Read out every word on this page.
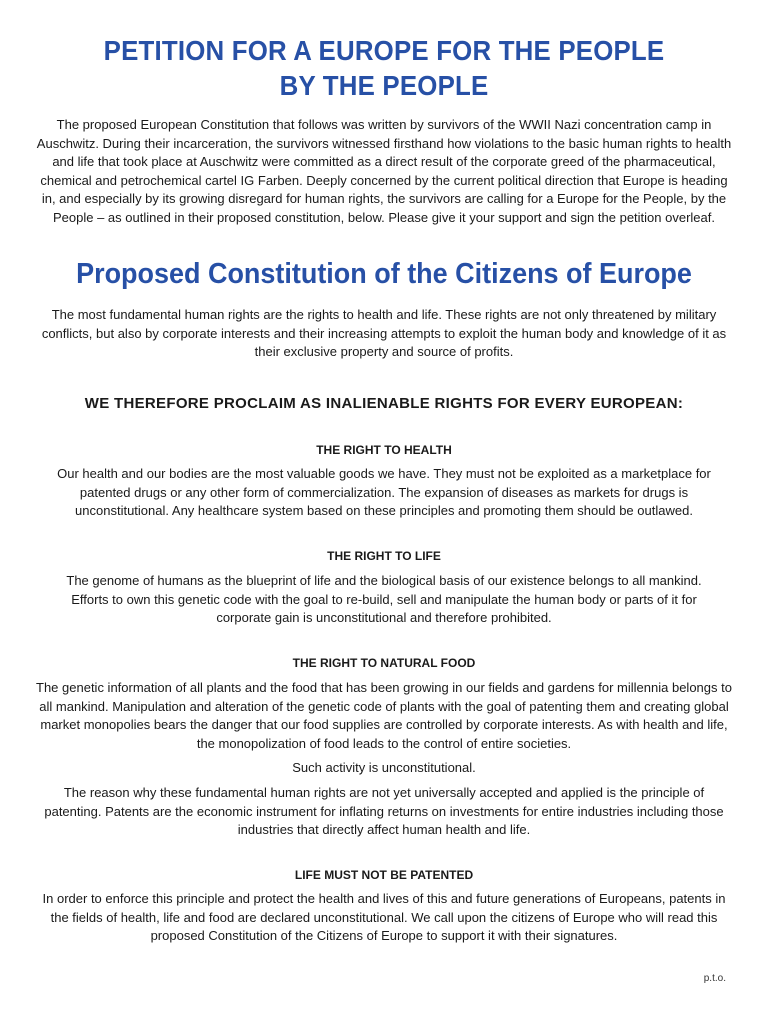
PETITION FOR A EUROPE FOR THE PEOPLE
BY THE PEOPLE

The proposed European Constitution that follows was written by survivors of the WWII Nazi concentration camp in Auschwitz. During their incarceration, the survivors witnessed firsthand how violations to the basic human rights to health and life that took place at Auschwitz were committed as a direct result of the corporate greed of the pharmaceutical, chemical and petrochemical cartel IG Farben. Deeply concerned by the current political direction that Europe is heading in, and especially by its growing disregard for human rights, the survivors are calling for a Europe for the People, by the People – as outlined in their proposed constitution, below. Please give it your support and sign the petition overleaf.

Proposed Constitution of the Citizens of Europe

The most fundamental human rights are the rights to health and life. These rights are not only threatened by military conflicts, but also by corporate interests and their increasing attempts to exploit the human body and knowledge of it as their exclusive property and source of profits.

WE THEREFORE PROCLAIM AS INALIENABLE RIGHTS FOR EVERY EUROPEAN:
THE RIGHT TO HEALTH

Our health and our bodies are the most valuable goods we have. They must not be exploited as a marketplace for patented drugs or any other form of commercialization. The expansion of diseases as markets for drugs is unconstitutional. Any healthcare system based on these principles and promoting them should be outlawed.

THE RIGHT TO LIFE

The genome of humans as the blueprint of life and the biological basis of our existence belongs to all mankind. Efforts to own this genetic code with the goal to re-build, sell and manipulate the human body or parts of it for corporate gain is unconstitutional and therefore prohibited.

THE RIGHT TO NATURAL FOOD

The genetic information of all plants and the food that has been growing in our fields and gardens for millennia belongs to all mankind. Manipulation and alteration of the genetic code of plants with the goal of patenting them and creating global market monopolies bears the danger that our food supplies are controlled by corporate interests. As with health and life, the monopolization of food leads to the control of entire societies.

Such activity is unconstitutional.

The reason why these fundamental human rights are not yet universally accepted and applied is the principle of patenting. Patents are the economic instrument for inflating returns on investments for entire industries including those industries that directly affect human health and life.

LIFE MUST NOT BE PATENTED

In order to enforce this principle and protect the health and lives of this and future generations of Europeans, patents in the fields of health, life and food are declared unconstitutional. We call upon the citizens of Europe who will read this proposed Constitution of the Citizens of Europe to support it with their signatures.

p.t.o.
